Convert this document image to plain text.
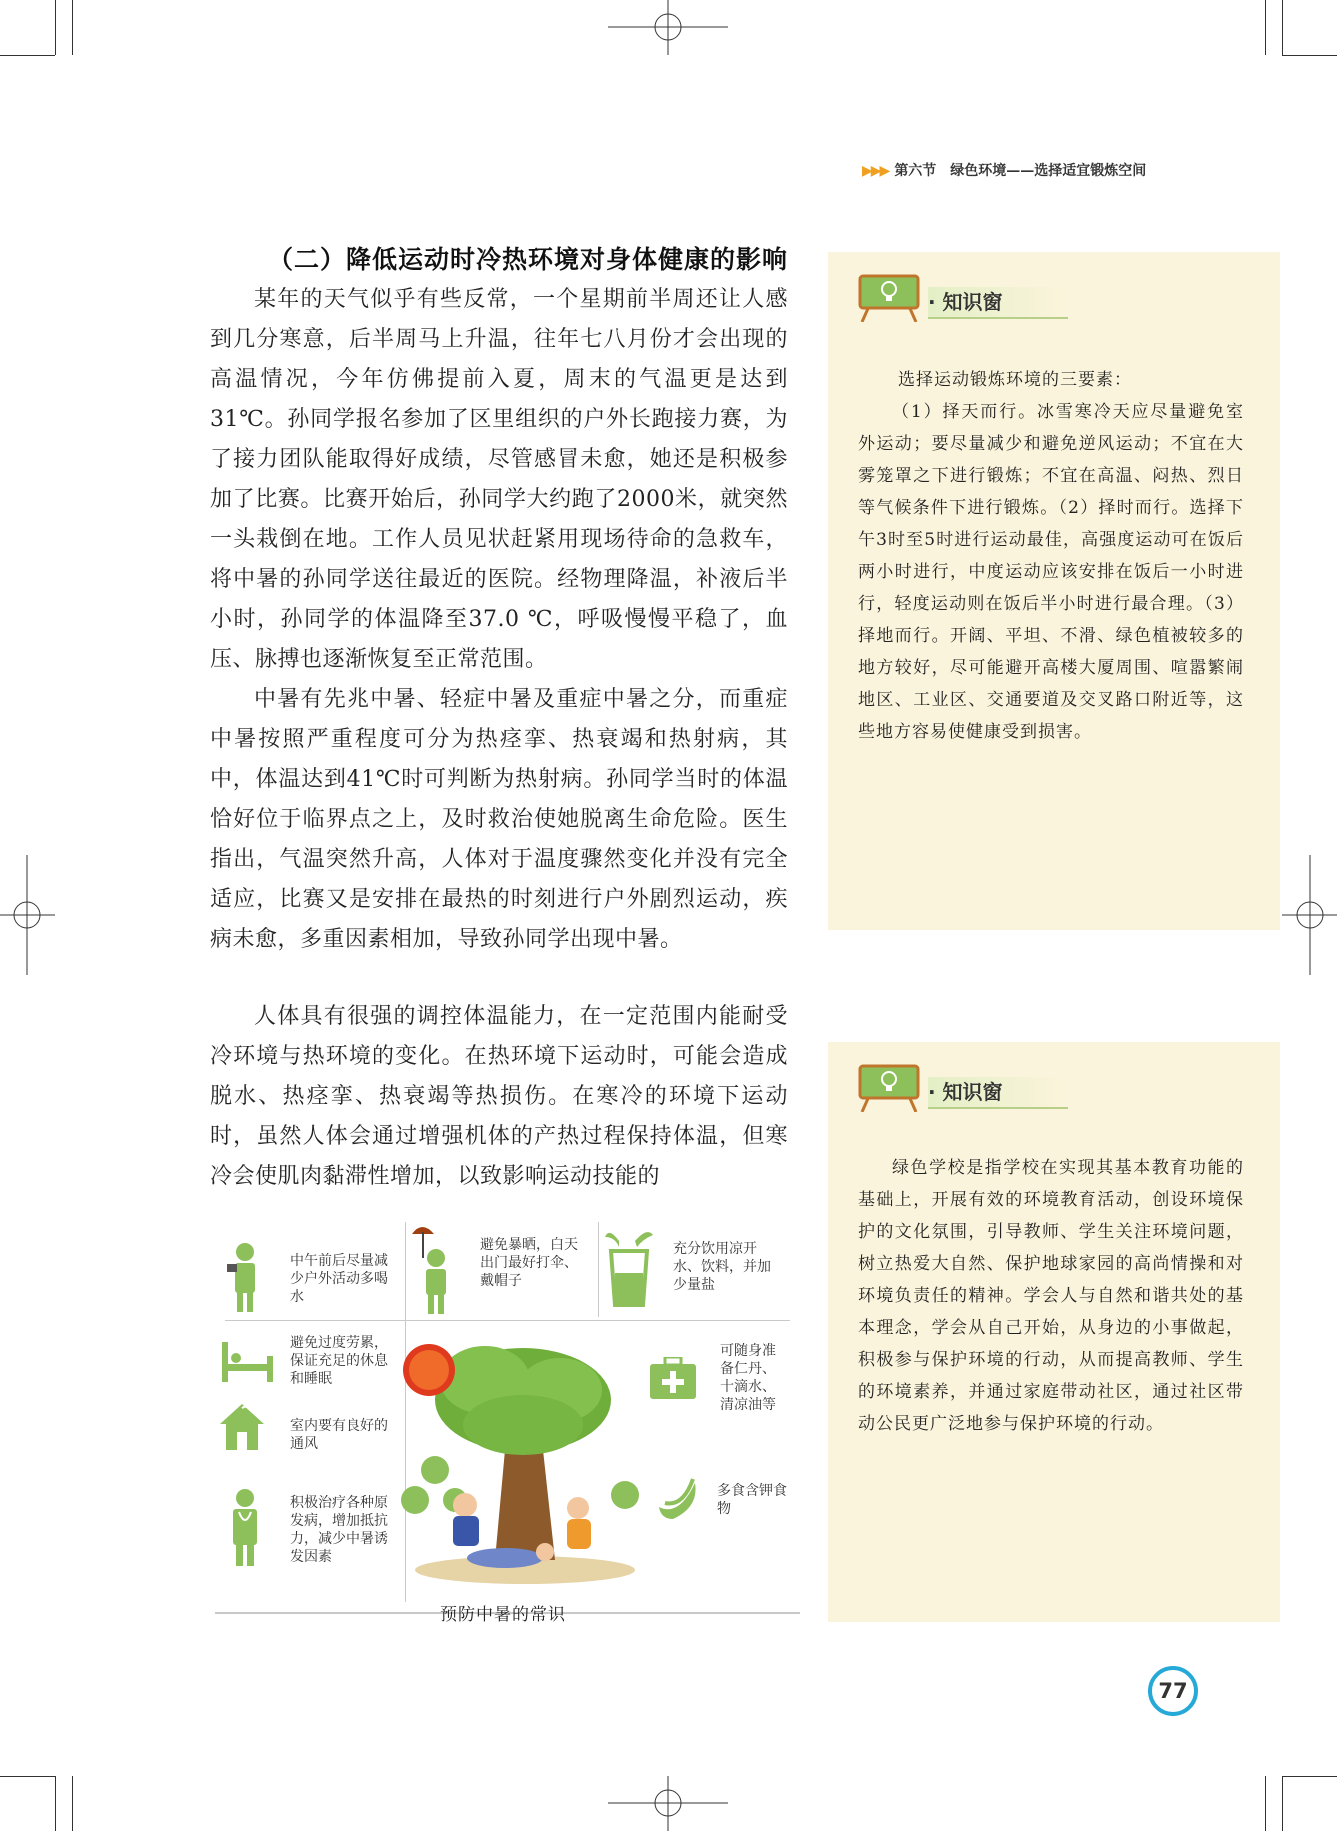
▶▶▶ 第六节　绿色环境——选择适宜锻炼空间
（二）降低运动时冷热环境对身体健康的影响

某年的天气似乎有些反常，一个星期前半周还让人感到几分寒意，后半周马上升温，往年七八月份才会出现的高温情况，今年仿佛提前入夏，周末的气温更是达到31℃。孙同学报名参加了区里组织的户外长跑接力赛，为了接力团队能取得好成绩，尽管感冒未愈，她还是积极参加了比赛。比赛开始后，孙同学大约跑了2000米，就突然一头栽倒在地。工作人员见状赶紧用现场待命的急救车，将中暑的孙同学送往最近的医院。经物理降温，补液后半小时，孙同学的体温降至37.0 ℃，呼吸慢慢平稳了，血压、脉搏也逐渐恢复至正常范围。

中暑有先兆中暑、轻症中暑及重症中暑之分，而重症中暑按照严重程度可分为热痉挛、热衰竭和热射病，其中，体温达到41℃时可判断为热射病。孙同学当时的体温恰好位于临界点之上，及时救治使她脱离生命危险。医生指出，气温突然升高，人体对于温度骤然变化并没有完全适应，比赛又是安排在最热的时刻进行户外剧烈运动，疾病未愈，多重因素相加，导致孙同学出现中暑。

人体具有很强的调控体温能力，在一定范围内能耐受冷环境与热环境的变化。在热环境下运动时，可能会造成脱水、热痉挛、热衰竭等热损伤。在寒冷的环境下运动时，虽然人体会通过增强机体的产热过程保持体温，但寒冷会使肌肉黏滞性增加，以致影响运动技能的

· 知识窗
选择运动锻炼环境的三要素：

（1）择天而行。冰雪寒冷天应尽量避免室外运动；要尽量减少和避免逆风运动；不宜在大雾笼罩之下进行锻炼；不宜在高温、闷热、烈日等气候条件下进行锻炼。（2）择时而行。选择下午3时至5时进行运动最佳，高强度运动可在饭后两小时进行，中度运动应该安排在饭后一小时进行，轻度运动则在饭后半小时进行最合理。（3）择地而行。开阔、平坦、不滑、绿色植被较多的地方较好，尽可能避开高楼大厦周围、喧嚣繁闹地区、工业区、交通要道及交叉路口附近等，这些地方容易使健康受到损害。

· 知识窗

绿色学校是指学校在实现其基本教育功能的基础上，开展有效的环境教育活动，创设环境保护的文化氛围，引导教师、学生关注环境问题，树立热爱大自然、保护地球家园的高尚情操和对环境负责任的精神。学会人与自然和谐共处的基本理念，学会从自己开始，从身边的小事做起，积极参与保护环境的行动，从而提高教师、学生的环境素养，并通过家庭带动社区，通过社区带动公民更广泛地参与保护环境的行动。

中午前后尽量减少户外活动多喝水
避免暴晒，白天出门最好打伞、戴帽子
充分饮用凉开水、饮料，并加少量盐
避免过度劳累，保证充足的休息和睡眠
可随身准备仁丹、十滴水、清凉油等
室内要有良好的通风
积极治疗各种原发病，增加抵抗力，减少中暑诱发因素
多食含钾食物
预防中暑的常识
77
